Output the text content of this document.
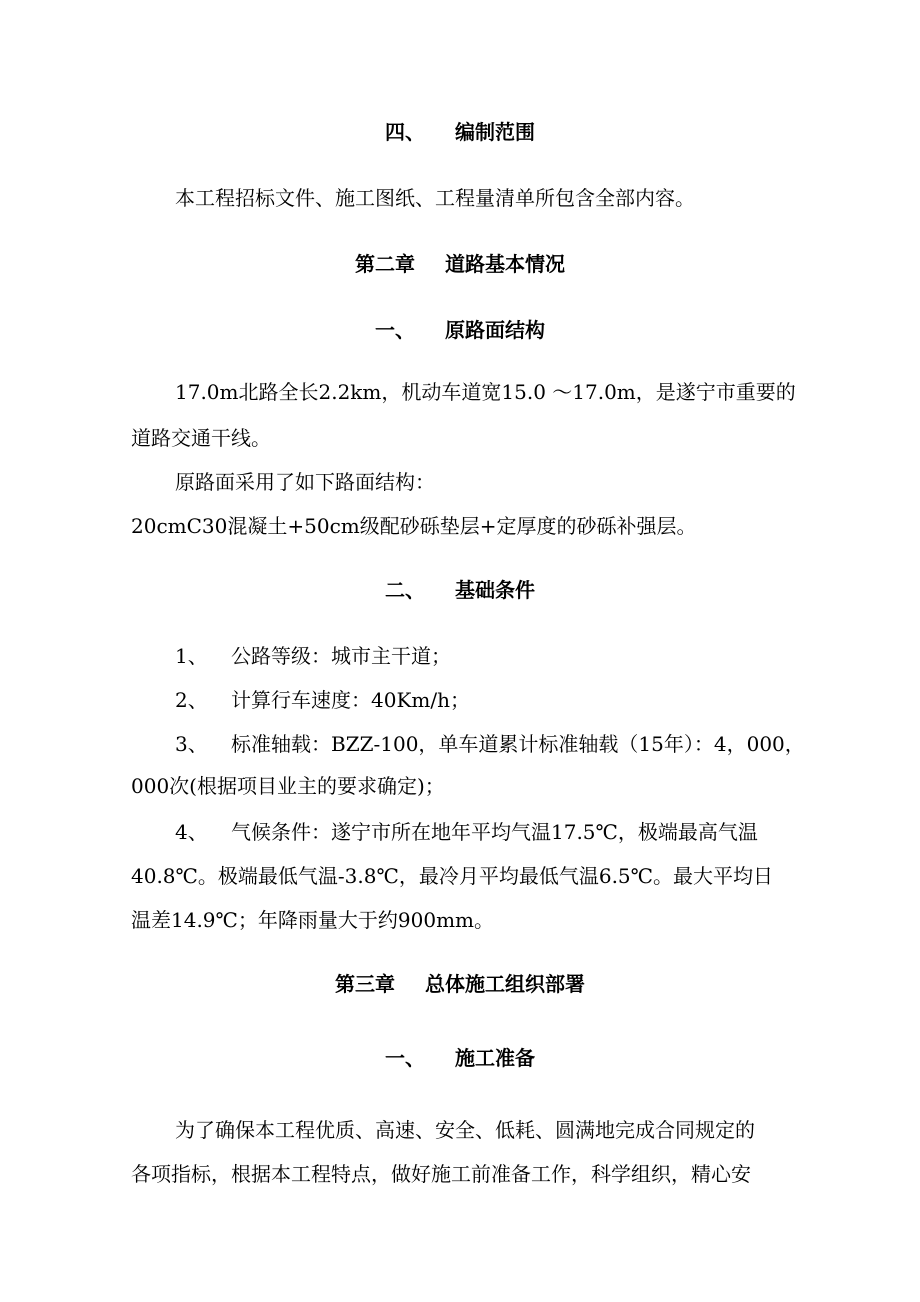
四、 编制范围
本工程招标文件、施工图纸、工程量清单所包含全部内容。
第二章 道路基本情况
一、 原路面结构
17.0m北路全长2.2km，机动车道宽15.0 ～17.0m，是遂宁市重要的
道路交通干线。
原路面采用了如下路面结构：
20cmC30混凝土+50cm级配砂砾垫层+定厚度的砂砾补强层。
二、 基础条件
1、 公路等级：城市主干道；
2、 计算行车速度：40Km/h；
3、 标准轴载：BZZ-100，单车道累计标准轴载（15年）：4，000，
000次(根据项目业主的要求确定)；
4、 气候条件：遂宁市所在地年平均气温17.5℃，极端最高气温
40.8℃。极端最低气温-3.8℃，最冷月平均最低气温6.5℃。最大平均日
温差14.9℃；年降雨量大于约900mm。
第三章 总体施工组织部署
一、 施工准备
为了确保本工程优质、高速、安全、低耗、圆满地完成合同规定的
各项指标，根据本工程特点，做好施工前准备工作，科学组织，精心安
